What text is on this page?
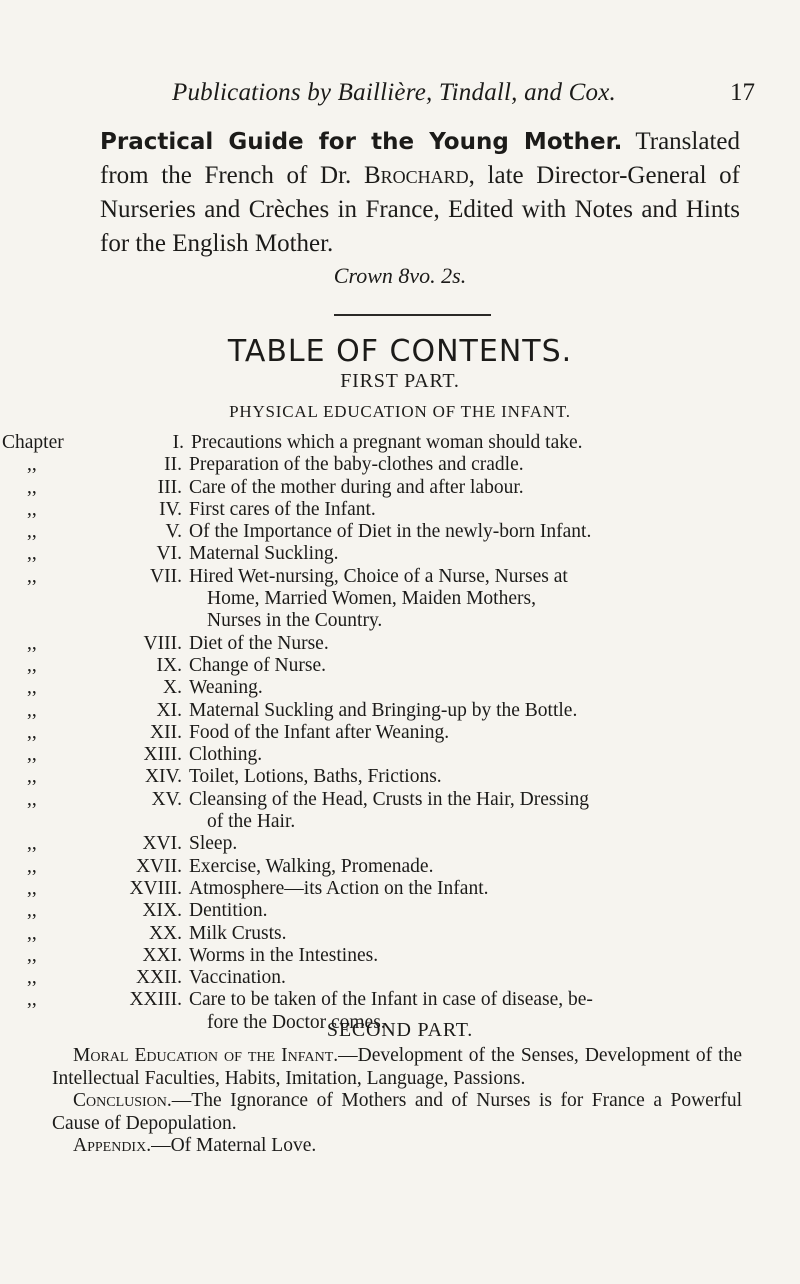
Publications by Baillière, Tindall, and Cox.	17
Practical Guide for the Young Mother. Translated from the French of Dr. Brochard, late Director-General of Nurseries and Crèches in France, Edited with Notes and Hints for the English Mother.
Crown 8vo. 2s.
TABLE OF CONTENTS.
FIRST PART.
PHYSICAL EDUCATION OF THE INFANT.
Chapter	I. Precautions which a pregnant woman should take.
,,	II. Preparation of the baby-clothes and cradle.
,,	III. Care of the mother during and after labour.
,,	IV. First cares of the Infant.
,,	V. Of the Importance of Diet in the newly-born Infant.
,,	VI. Maternal Suckling.
,,	VII. Hired Wet-nursing, Choice of a Nurse, Nurses at
Home, Married Women, Maiden Mothers,
Nurses in the Country.
,,	VIII. Diet of the Nurse.
,,	IX. Change of Nurse.
,,	X. Weaning.
,,	XI. Maternal Suckling and Bringing-up by the Bottle.
,,	XII. Food of the Infant after Weaning.
,,	XIII. Clothing.
,,	XIV. Toilet, Lotions, Baths, Frictions.
,,	XV. Cleansing of the Head, Crusts in the Hair, Dressing
of the Hair.
,,	XVI. Sleep.
,,	XVII. Exercise, Walking, Promenade.
,,	XVIII. Atmosphere—its Action on the Infant.
,,	XIX. Dentition.
,,	XX. Milk Crusts.
,,	XXI. Worms in the Intestines.
,,	XXII. Vaccination.
,,	XXIII. Care to be taken of the Infant in case of disease, be-
fore the Doctor comes.
SECOND PART.

Moral Education of the Infant.—Development of the Senses, Development of the Intellectual Faculties, Habits, Imitation, Language, Passions.

Conclusion.—The Ignorance of Mothers and of Nurses is for France a Powerful Cause of Depopulation.

Appendix.—Of Maternal Love.
